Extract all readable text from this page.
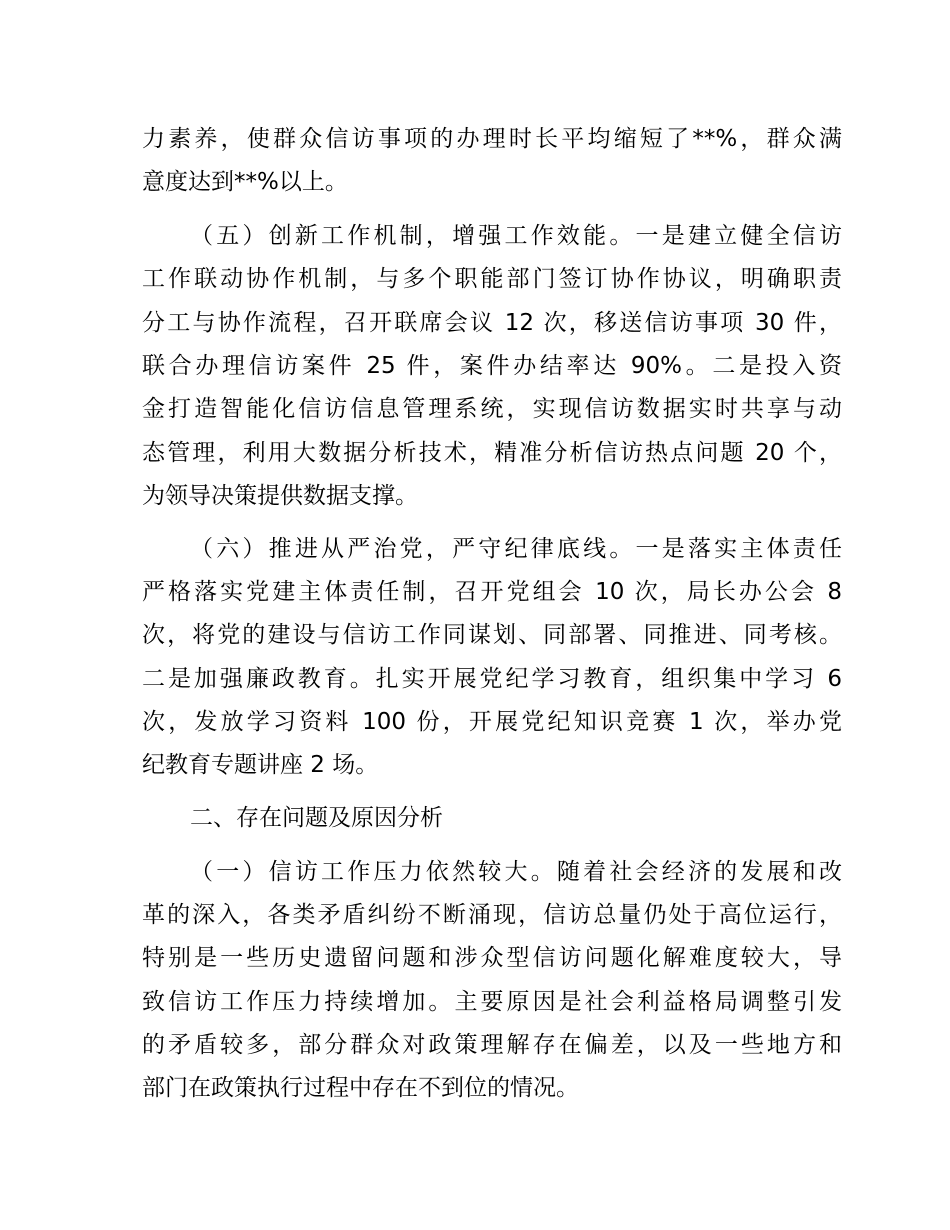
力素养，使群众信访事项的办理时长平均缩短了**%，群众满
意度达到**%以上。
（五）创新工作机制，增强工作效能。一是建立健全信访
工作联动协作机制，与多个职能部门签订协作协议，明确职责
分工与协作流程，召开联席会议 12 次，移送信访事项 30 件，
联合办理信访案件 25 件，案件办结率达 90%。二是投入资
金打造智能化信访信息管理系统，实现信访数据实时共享与动
态管理，利用大数据分析技术，精准分析信访热点问题 20 个，
为领导决策提供数据支撑。
（六）推进从严治党，严守纪律底线。一是落实主体责任
严格落实党建主体责任制，召开党组会 10 次，局长办公会 8
次，将党的建设与信访工作同谋划、同部署、同推进、同考核。
二是加强廉政教育。扎实开展党纪学习教育，组织集中学习 6
次，发放学习资料 100 份，开展党纪知识竞赛 1 次，举办党
纪教育专题讲座 2 场。
二、存在问题及原因分析
（一）信访工作压力依然较大。随着社会经济的发展和改
革的深入，各类矛盾纠纷不断涌现，信访总量仍处于高位运行，
特别是一些历史遗留问题和涉众型信访问题化解难度较大，导
致信访工作压力持续增加。主要原因是社会利益格局调整引发
的矛盾较多，部分群众对政策理解存在偏差，以及一些地方和
部门在政策执行过程中存在不到位的情况。
